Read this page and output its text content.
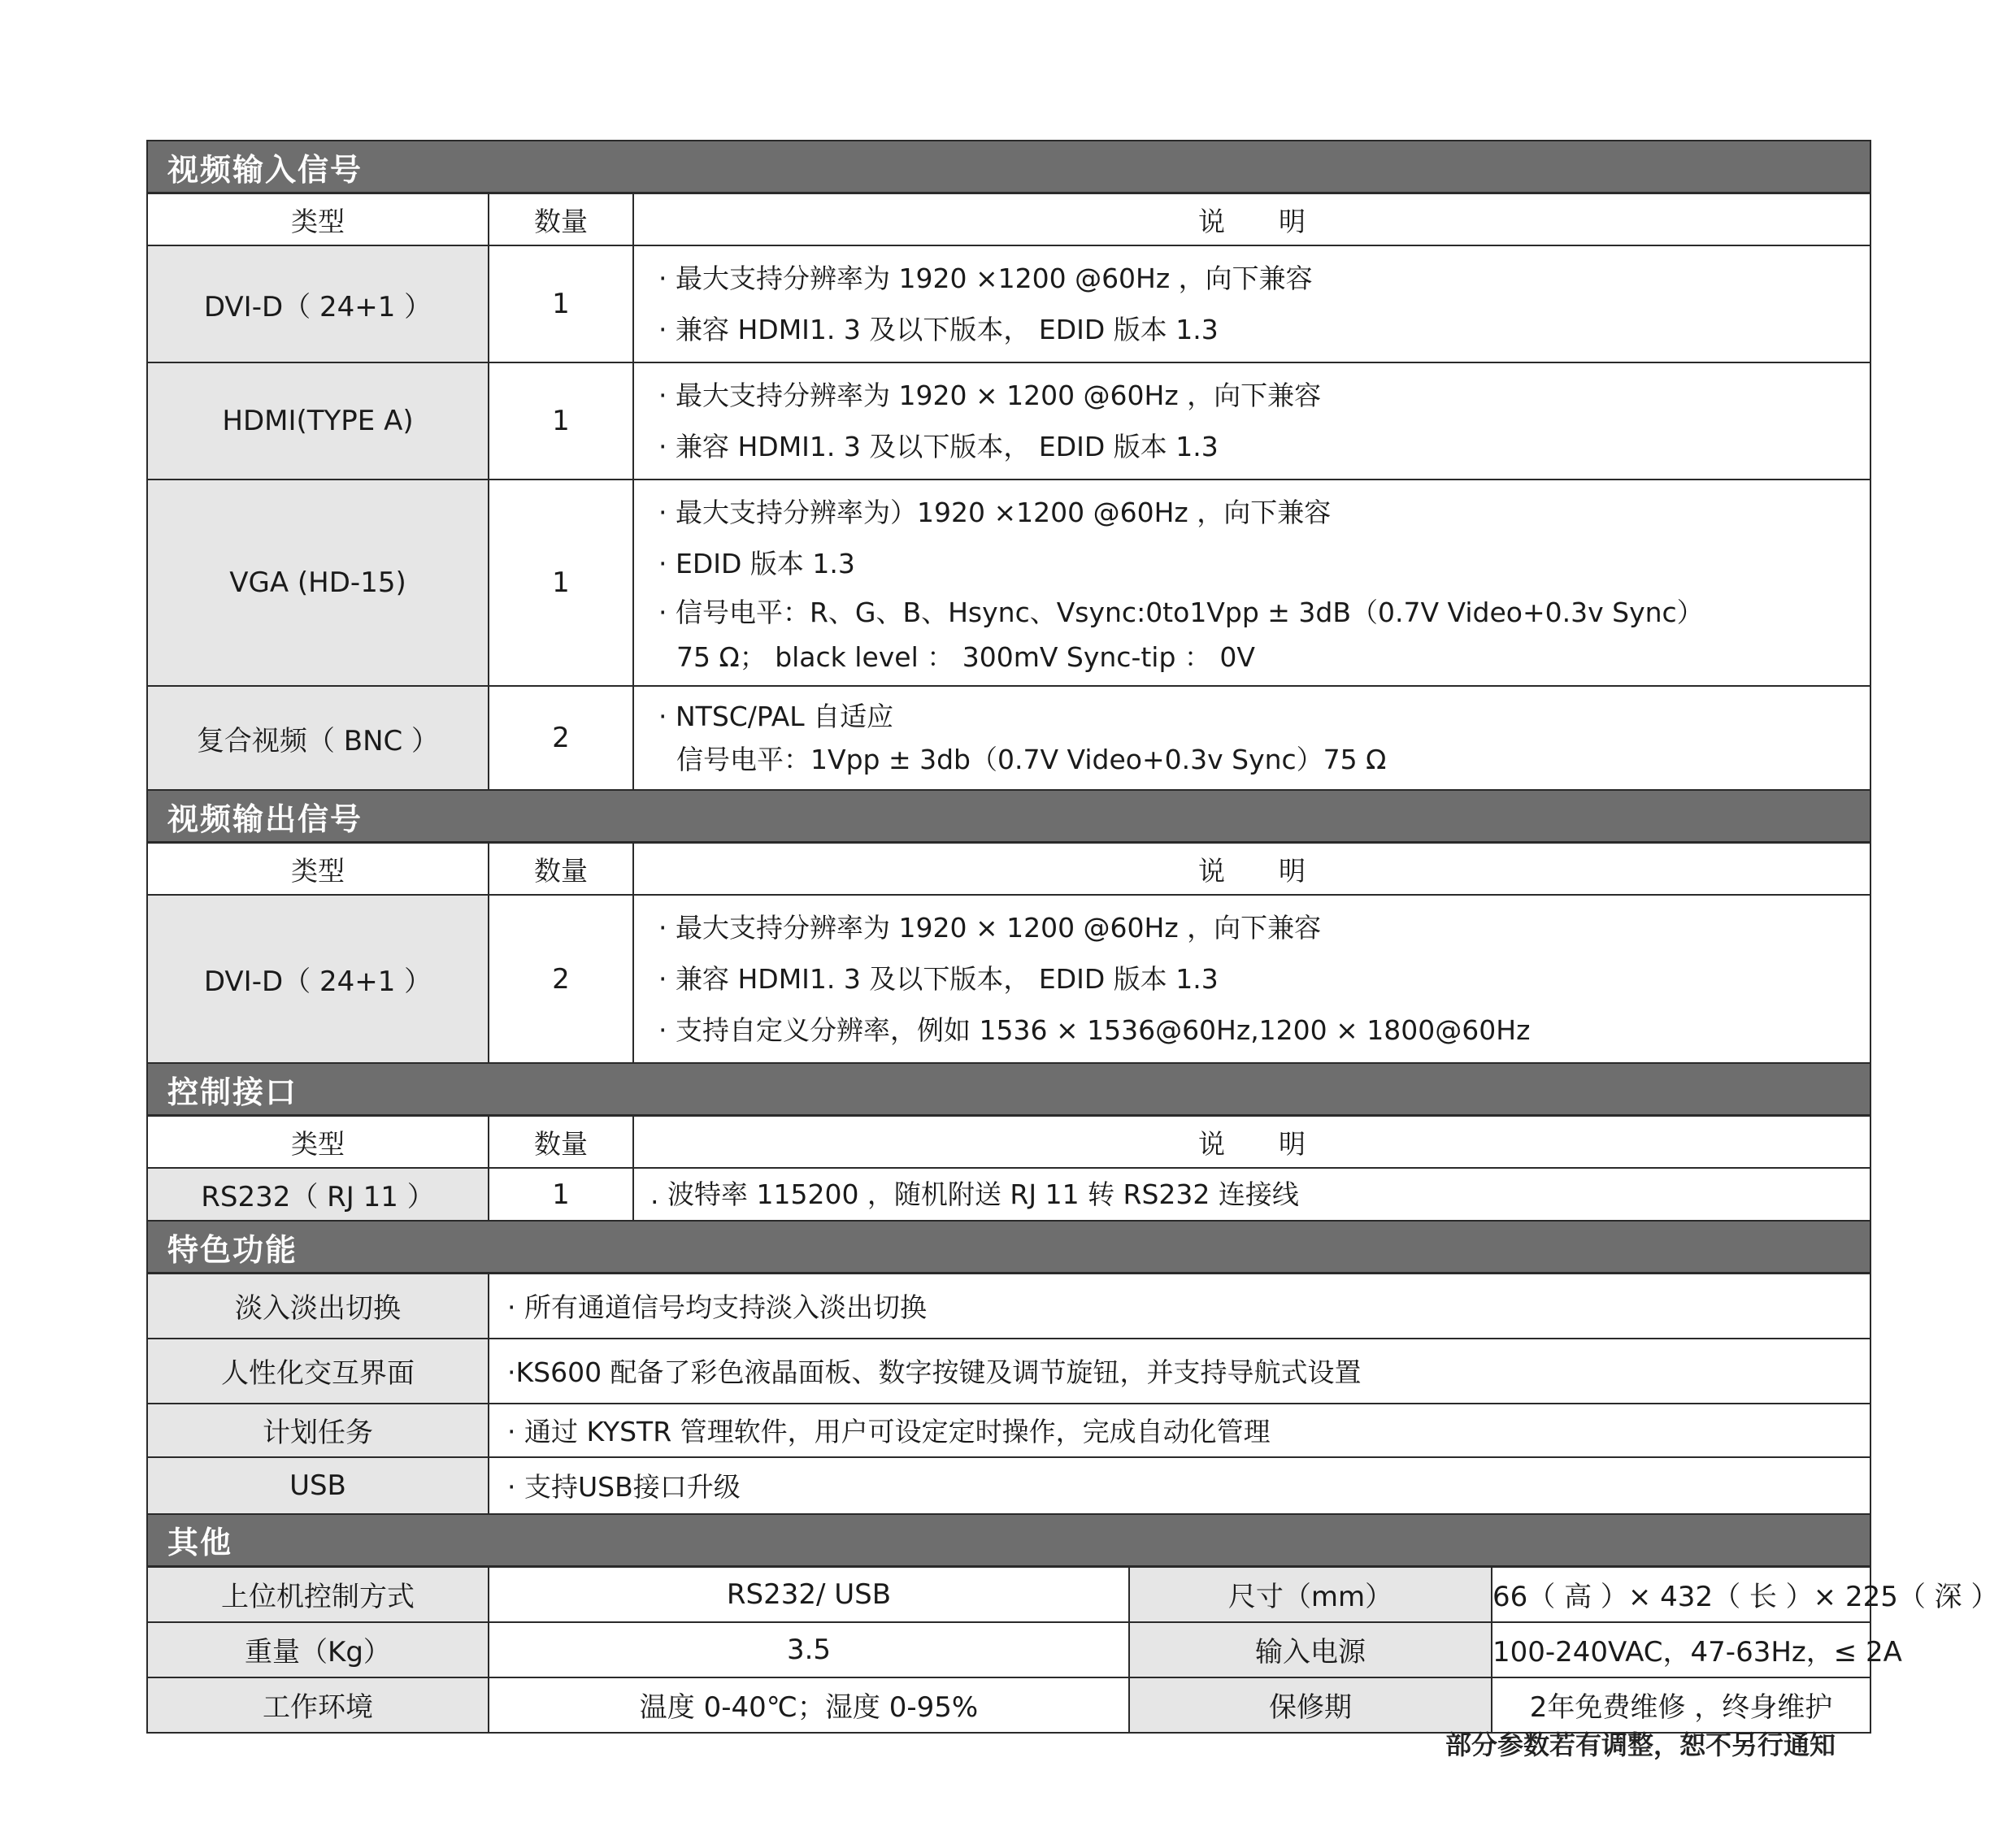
视频输入信号				
类型	数量	说　　明		
DVI-D（ 24+1 ）	1	· 最大支持分辨率为 1920 ×1200 @60Hz ，向下兼容
· 兼容 HDMI1. 3 及以下版本， EDID 版本 1.3		

HDMI(TYPE A)	1	· 最大支持分辨率为 1920 × 1200 @60Hz ，向下兼容
· 兼容 HDMI1. 3 及以下版本， EDID 版本 1.3		

VGA (HD-15)	1	· 最大支持分辨率为）1920 ×1200 @60Hz ，向下兼容
· EDID 版本 1.3
· 信号电平：R、G、B、Hsync、Vsync:0to1Vpp ± 3dB（0.7V Video+0.3v Sync）
75 Ω； black level ： 300mV Sync-tip ： 0V		

复合视频（ BNC ）	2	· NTSC/PAL 自适应
信号电平：1Vpp ± 3db（0.7V Video+0.3v Sync）75 Ω		

视频输出信号				
类型	数量	说　　明		
DVI-D（ 24+1 ）	2	· 最大支持分辨率为 1920 × 1200 @60Hz ，向下兼容
· 兼容 HDMI1. 3 及以下版本， EDID 版本 1.3
· 支持自定义分辨率，例如 1536 × 1536@60Hz,1200 × 1800@60Hz		

控制接口				
类型	数量	说　　明		
RS232（ RJ 11 ）	1	. 波特率 115200 ，随机附送 RJ 11 转 RS232 连接线		

特色功能				
淡入淡出切换	· 所有通道信号均支持淡入淡出切换			
人性化交互界面	·KS600 配备了彩色液晶面板、数字按键及调节旋钮，并支持导航式设置			
计划任务	· 通过 KYSTR 管理软件，用户可设定定时操作，完成自动化管理			
USB	· 支持USB接口升级			
其他				
上位机控制方式	RS232/ USB		尺寸（mm）	66（ 高 ）× 432（ 长 ）× 225（ 深 ）
重量（Kg）	3.5		输入电源	100-240VAC，47-63Hz，≤ 2A
工作环境	温度 0-40℃；湿度 0-95%		保修期	2年免费维修 ，终身维护
部分参数若有调整，恕不另行通知
